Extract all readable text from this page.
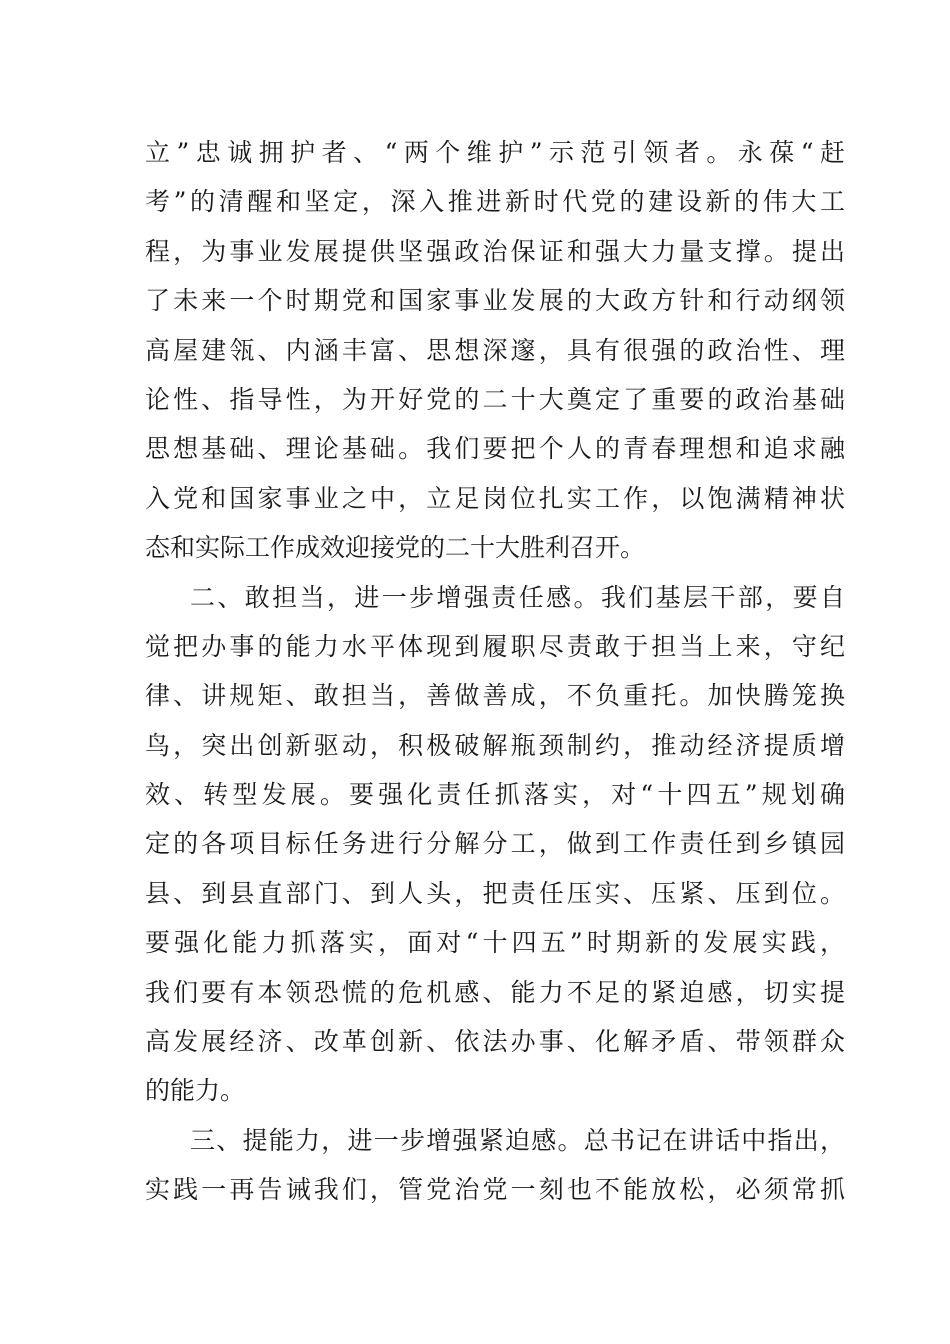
立”忠诚拥护者、“两个维护”示范引领者。永葆“赶
考”的清醒和坚定，深入推进新时代党的建设新的伟大工
程，为事业发展提供坚强政治保证和强大力量支撑。提出
了未来一个时期党和国家事业发展的大政方针和行动纲领
高屋建瓴、内涵丰富、思想深邃，具有很强的政治性、理
论性、指导性，为开好党的二十大奠定了重要的政治基础
思想基础、理论基础。我们要把个人的青春理想和追求融
入党和国家事业之中，立足岗位扎实工作，以饱满精神状
态和实际工作成效迎接党的二十大胜利召开。
二、敢担当，进一步增强责任感。我们基层干部，要自
觉把办事的能力水平体现到履职尽责敢于担当上来，守纪
律、讲规矩、敢担当，善做善成，不负重托。加快腾笼换
鸟，突出创新驱动，积极破解瓶颈制约，推动经济提质增
效、转型发展。要强化责任抓落实，对“十四五”规划确
定的各项目标任务进行分解分工，做到工作责任到乡镇园
县、到县直部门、到人头，把责任压实、压紧、压到位。
要强化能力抓落实，面对“十四五”时期新的发展实践，
我们要有本领恐慌的危机感、能力不足的紧迫感，切实提
高发展经济、改革创新、依法办事、化解矛盾、带领群众
的能力。
三、提能力，进一步增强紧迫感。总书记在讲话中指出，
实践一再告诫我们，管党治党一刻也不能放松，必须常抓
